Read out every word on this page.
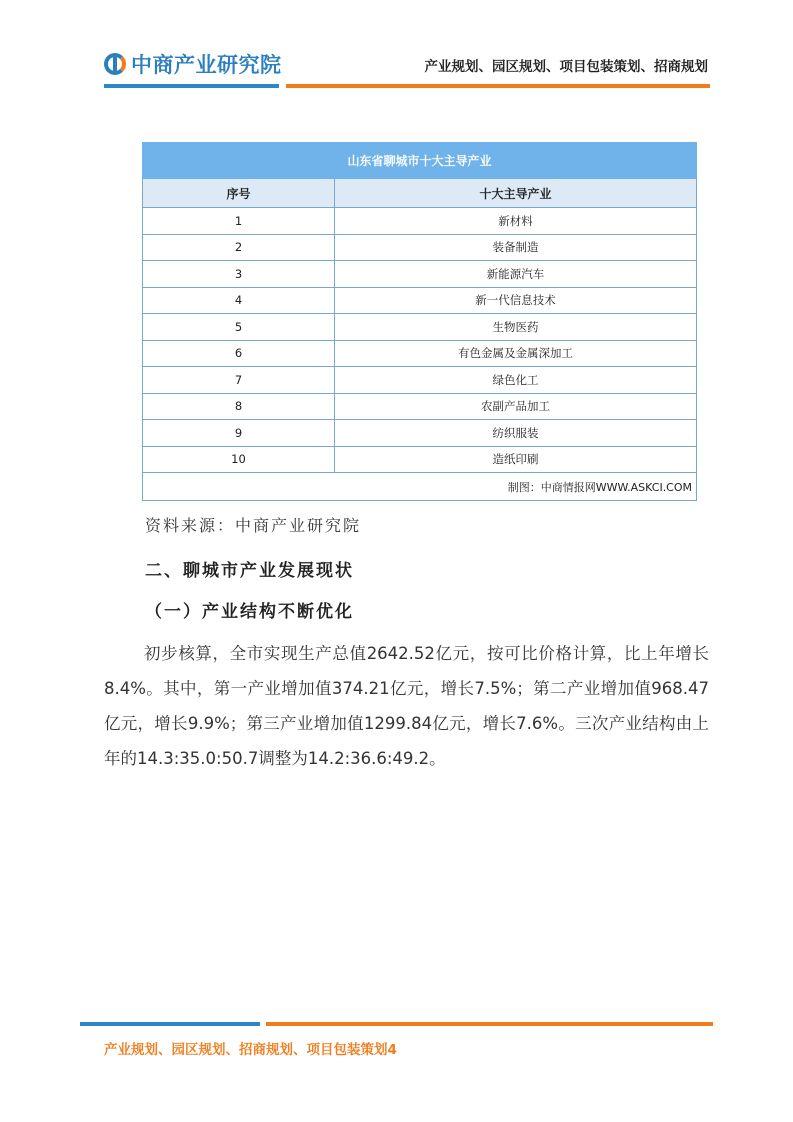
中商产业研究院	产业规划、园区规划、项目包装策划、招商规划
山东省聊城市十大主导产业	
序号	十大主导产业
1	新材料
2	装备制造
3	新能源汽车
4	新一代信息技术
5	生物医药
6	有色金属及金属深加工
7	绿色化工
8	农副产品加工
9	纺织服装
10	造纸印刷
制图：中商情报网WWW.ASKCI.COM	
资料来源：中商产业研究院
二、聊城市产业发展现状
（一）产业结构不断优化

初步核算，全市实现生产总值2642.52亿元，按可比价格计算，比上年增长8.4%。其中，第一产业增加值374.21亿元，增长7.5%；第二产业增加值968.47亿元，增长9.9%；第三产业增加值1299.84亿元，增长7.6%。三次产业结构由上年的14.3:35.0:50.7调整为14.2:36.6:49.2。

产业规划、园区规划、招商规划、项目包装策划4
